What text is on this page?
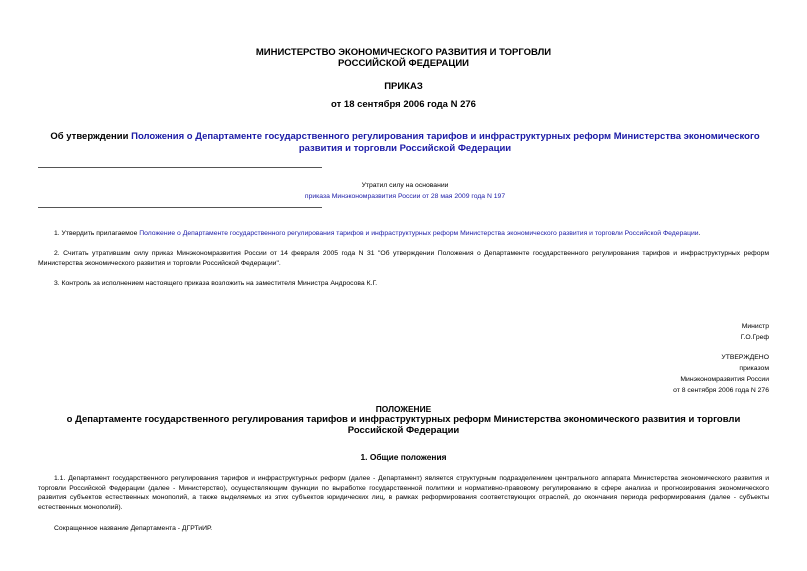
МИНИСТЕРСТВО ЭКОНОМИЧЕСКОГО РАЗВИТИЯ И ТОРГОВЛИ
РОССИЙСКОЙ ФЕДЕРАЦИИ
ПРИКАЗ
от 18 сентября 2006 года N 276
Об утверждении Положения о Департаменте государственного регулирования тарифов и инфраструктурных реформ Министерства экономического развития и торговли Российской Федерации
Утратил силу на основании
приказа Минэкономразвития России от 28 мая 2009 года N 197
1. Утвердить прилагаемое Положение о Департаменте государственного регулирования тарифов и инфраструктурных реформ Министерства экономического развития и торговли Российской Федерации.
2. Считать утратившим силу приказ Минэкономразвития России от 14 февраля 2005 года N 31 "Об утверждении Положения о Департаменте государственного регулирования тарифов и инфраструктурных реформ Министерства экономического развития и торговли Российской Федерации".
3. Контроль за исполнением настоящего приказа возложить на заместителя Министра Андросова К.Г.
Министр
Г.О.Греф
УТВЕРЖДЕНО
приказом
Минэкономразвития России
от 8 сентября 2006 года N 276
ПОЛОЖЕНИЕ
о Департаменте государственного регулирования тарифов и инфраструктурных реформ Министерства экономического развития и торговли Российской Федерации
1. Общие положения
1.1. Департамент государственного регулирования тарифов и инфраструктурных реформ (далее - Департамент) является структурным подразделением центрального аппарата Министерства экономического развития и торговли Российской Федерации (далее - Министерство), осуществляющим функции по выработке государственной политики и нормативно-правовому регулированию в сфере анализа и прогнозирования экономического развития субъектов естественных монополий, а также выделяемых из этих субъектов юридических лиц, в рамках реформирования соответствующих отраслей, до окончания периода реформирования (далее - субъекты естественных монополий).
Сокращенное название Департамента - ДГРТиИР.
